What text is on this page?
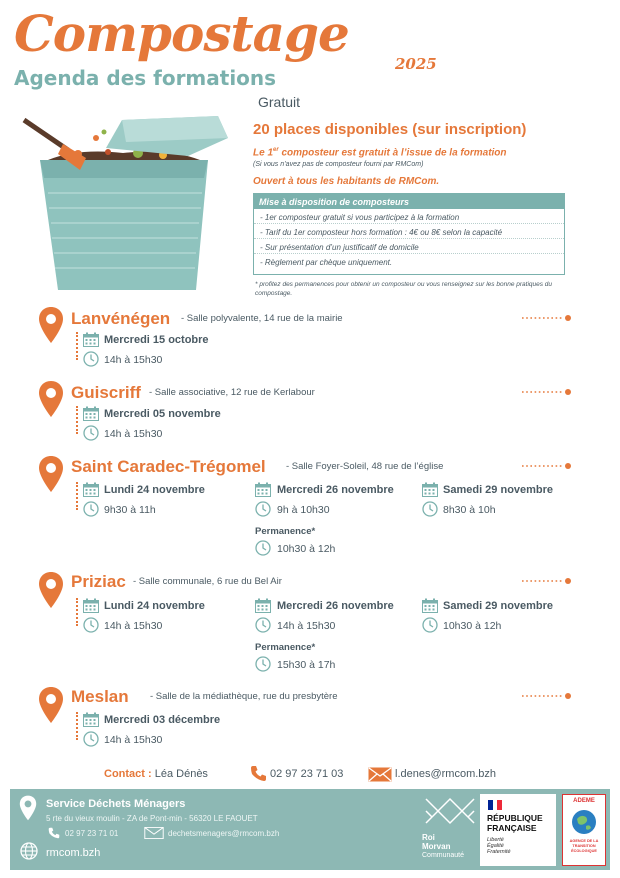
Compostage
2025
Agenda des formations
Gratuit
20 places disponibles (sur inscription)
Le 1er composteur est gratuit à l’issue de la formation
(Si vous n’avez pas de composteur fourni par RMCom)
Ouvert à tous les habitants de RMCom.
Mise à disposition de composteurs
- 1er composteur gratuit si vous participez à la formation
- Tarif du 1er composteur hors formation : 4€ ou 8€ selon la capacité
- Sur présentation d’un justificatif de domicile
- Règlement par chèque uniquement.
* profitez des permanences pour obtenir un composteur ou vous renseignez sur les bonne pratiques du compostage.
Lanvénégen - Salle polyvalente, 14 rue de la mairie
Mercredi 15 octobre
14h à 15h30
Guiscriff - Salle associative, 12 rue de Kerlabour
Mercredi 05 novembre
14h à 15h30
Saint Caradec-Trégomel - Salle Foyer-Soleil, 48 rue de l’église
Lundi 24 novembre
9h30 à 11h
Mercredi 26 novembre
9h à 10h30
Samedi 29 novembre
8h30 à 10h
Permanence*
10h30 à 12h
Priziac - Salle communale, 6 rue du Bel Air
Lundi 24 novembre
14h à 15h30
Mercredi 26 novembre
14h à 15h30
Samedi 29 novembre
10h30 à 12h
Permanence*
15h30 à 17h
Meslan - Salle de la médiathèque, rue du presbytère
Mercredi 03 décembre
14h à 15h30
Contact : Léa Dénès	02 97 23 71 03	l.denes@rmcom.bzh
Service Déchets Ménagers
5 rte du vieux moulin - ZA de Pont-min - 56320 LE FAOUET
02 97 23 71 01	dechetsmenagers@rmcom.bzh
rmcom.bzh
Roi
Morvan
Communauté
RÉPUBLIQUE
FRANÇAISE
Liberté
Égalité
Fraternité
ADEME
AGENCE DE LA TRANSITION ÉCOLOGIQUE
